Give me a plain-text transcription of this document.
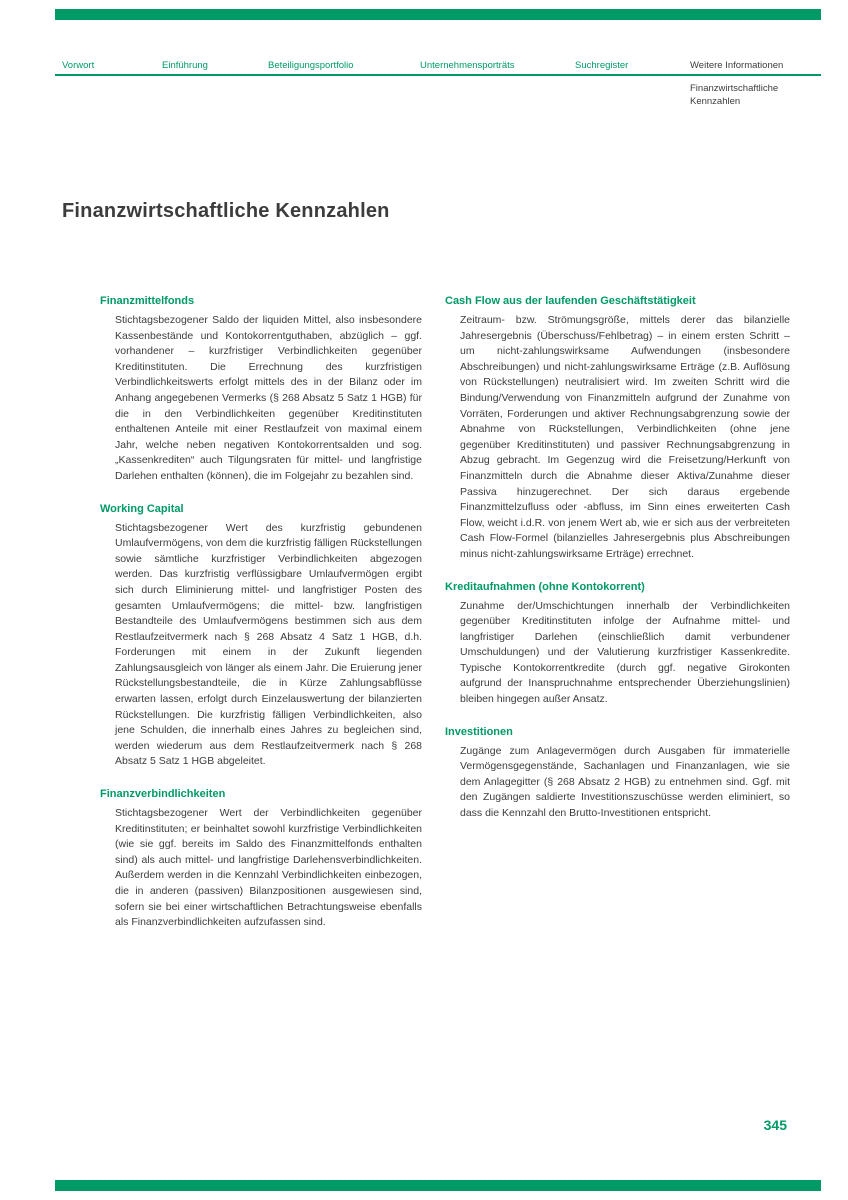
Vorwort	Einführung	Beteiligungsportfolio	Unternehmensporträts	Suchregister	Weitere Informationen
Finanzwirtschaftliche Kennzahlen
Finanzwirtschaftliche Kennzahlen
Finanzmittelfonds

Stichtagsbezogener Saldo der liquiden Mittel, also insbesondere Kassenbestände und Kontokorrentguthaben, abzüglich – ggf. vorhandener – kurzfristiger Verbindlichkeiten gegenüber Kreditinstituten. Die Errechnung des kurzfristigen Verbindlichkeitswerts erfolgt mittels des in der Bilanz oder im Anhang angegebenen Vermerks (§ 268 Absatz 5 Satz 1 HGB) für die in den Verbindlichkeiten gegenüber Kreditinstituten enthaltenen Anteile mit einer Restlaufzeit von maximal einem Jahr, welche neben negativen Kontokorrentsalden und sog. „Kassenkrediten“ auch Tilgungsraten für mittel- und langfristige Darlehen enthalten (können), die im Folgejahr zu bezahlen sind.

Working Capital

Stichtagsbezogener Wert des kurzfristig gebundenen Umlaufvermögens, von dem die kurzfristig fälligen Rückstellungen sowie sämtliche kurzfristiger Verbindlichkeiten abgezogen werden. Das kurzfristig verflüssigbare Umlaufvermögen ergibt sich durch Eliminierung mittel- und langfristiger Posten des gesamten Umlaufvermögens; die mittel- bzw. langfristigen Bestandteile des Umlaufvermögens bestimmen sich aus dem Restlaufzeitvermerk nach § 268 Absatz 4 Satz 1 HGB, d.h. Forderungen mit einem in der Zukunft liegenden Zahlungsausgleich von länger als einem Jahr. Die Eruierung jener Rückstellungsbestandteile, die in Kürze Zahlungsabflüsse erwarten lassen, erfolgt durch Einzelauswertung der bilanzierten Rückstellungen. Die kurzfristig fälligen Verbindlichkeiten, also jene Schulden, die innerhalb eines Jahres zu begleichen sind, werden wiederum aus dem Restlaufzeitvermerk nach § 268 Absatz 5 Satz 1 HGB abgeleitet.

Finanzverbindlichkeiten

Stichtagsbezogener Wert der Verbindlichkeiten gegenüber Kreditinstituten; er beinhaltet sowohl kurzfristige Verbindlichkeiten (wie sie ggf. bereits im Saldo des Finanzmittelfonds enthalten sind) als auch mittel- und langfristige Darlehensverbindlichkeiten. Außerdem werden in die Kennzahl Verbindlichkeiten einbezogen, die in anderen (passiven) Bilanzpositionen ausgewiesen sind, sofern sie bei einer wirtschaftlichen Betrachtungsweise ebenfalls als Finanzverbindlichkeiten aufzufassen sind.

Cash Flow aus der laufenden Geschäftstätigkeit

Zeitraum- bzw. Strömungsgröße, mittels derer das bilanzielle Jahresergebnis (Überschuss/Fehlbetrag) – in einem ersten Schritt – um nicht-zahlungswirksame Aufwendungen (insbesondere Abschreibungen) und nicht-zahlungswirksame Erträge (z.B. Auflösung von Rückstellungen) neutralisiert wird. Im zweiten Schritt wird die Bindung/Verwendung von Finanzmitteln aufgrund der Zunahme von Vorräten, Forderungen und aktiver Rechnungsabgrenzung sowie der Abnahme von Rückstellungen, Verbindlichkeiten (ohne jene gegenüber Kreditinstituten) und passiver Rechnungsabgrenzung in Abzug gebracht. Im Gegenzug wird die Freisetzung/Herkunft von Finanzmitteln durch die Abnahme dieser Aktiva/Zunahme dieser Passiva hinzugerechnet. Der sich daraus ergebende Finanzmittelzufluss oder -abfluss, im Sinn eines erweiterten Cash Flow, weicht i.d.R. von jenem Wert ab, wie er sich aus der verbreiteten Cash Flow-Formel (bilanzielles Jahresergebnis plus Abschreibungen minus nicht-zahlungswirksame Erträge) errechnet.

Kreditaufnahmen (ohne Kontokorrent)

Zunahme der/Umschichtungen innerhalb der Verbindlichkeiten gegenüber Kreditinstituten infolge der Aufnahme mittel- und langfristiger Darlehen (einschließlich damit verbundener Umschuldungen) und der Valutierung kurzfristiger Kassenkredite. Typische Kontokorrentkredite (durch ggf. negative Girokonten aufgrund der Inanspruchnahme entsprechender Überziehungslinien) bleiben hingegen außer Ansatz.

Investitionen

Zugänge zum Anlagevermögen durch Ausgaben für immaterielle Vermögensgegenstände, Sachanlagen und Finanzanlagen, wie sie dem Anlagegitter (§ 268 Absatz 2 HGB) zu entnehmen sind. Ggf. mit den Zugängen saldierte Investitionszuschüsse werden eliminiert, so dass die Kennzahl den Brutto-Investitionen entspricht.

345
